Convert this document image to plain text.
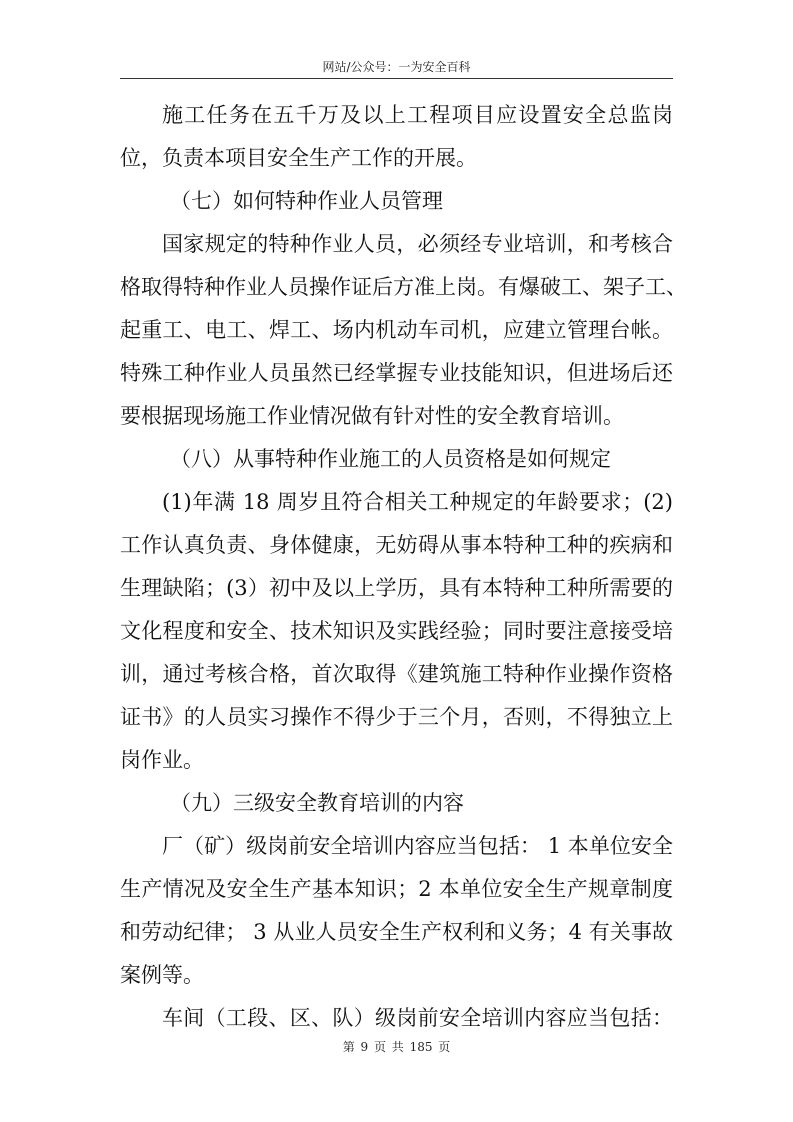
网站/公众号：一为安全百科
施工任务在五千万及以上工程项目应设置安全总监岗
位，负责本项目安全生产工作的开展。
（七）如何特种作业人员管理
国家规定的特种作业人员，必须经专业培训，和考核合
格取得特种作业人员操作证后方准上岗。有爆破工、架子工、
起重工、电工、焊工、场内机动车司机，应建立管理台帐。
特殊工种作业人员虽然已经掌握专业技能知识，但进场后还
要根据现场施工作业情况做有针对性的安全教育培训。
（八）从事特种作业施工的人员资格是如何规定
(1)年满 18 周岁且符合相关工种规定的年龄要求；(2)
工作认真负责、身体健康，无妨碍从事本特种工种的疾病和
生理缺陷；(3）初中及以上学历，具有本特种工种所需要的
文化程度和安全、技术知识及实践经验；同时要注意接受培
训，通过考核合格，首次取得《建筑施工特种作业操作资格
证书》的人员实习操作不得少于三个月，否则，不得独立上
岗作业。
（九）三级安全教育培训的内容
厂（矿）级岗前安全培训内容应当包括： 1 本单位安全
生产情况及安全生产基本知识；2 本单位安全生产规章制度
和劳动纪律； 3 从业人员安全生产权利和义务；4 有关事故
案例等。
车间（工段、区、队）级岗前安全培训内容应当包括：
第 9 页 共 185 页
